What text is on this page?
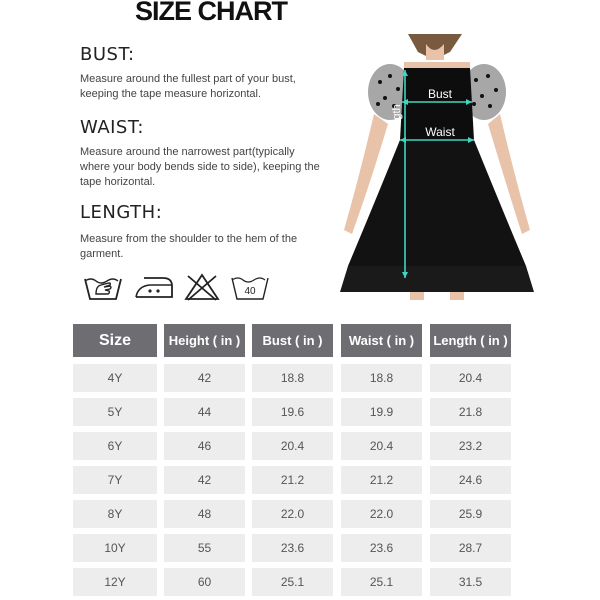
SIZE CHART
BUST:
Measure around the fullest part of your bust, keeping the tape measure horizontal.
WAIST:
Measure around the narrowest part(typically where your body bends side to side), keeping the tape horizontal.
LENGTH:
Measure from the shoulder to the hem of the garment.
40
Bust
Waist
Length
Size	Height ( in )	Bust ( in )	Waist ( in )	Length ( in )
4Y	42	18.8	18.8	20.4
5Y	44	19.6	19.9	21.8
6Y	46	20.4	20.4	23.2
7Y	42	21.2	21.2	24.6
8Y	48	22.0	22.0	25.9
10Y	55	23.6	23.6	28.7
12Y	60	25.1	25.1	31.5
